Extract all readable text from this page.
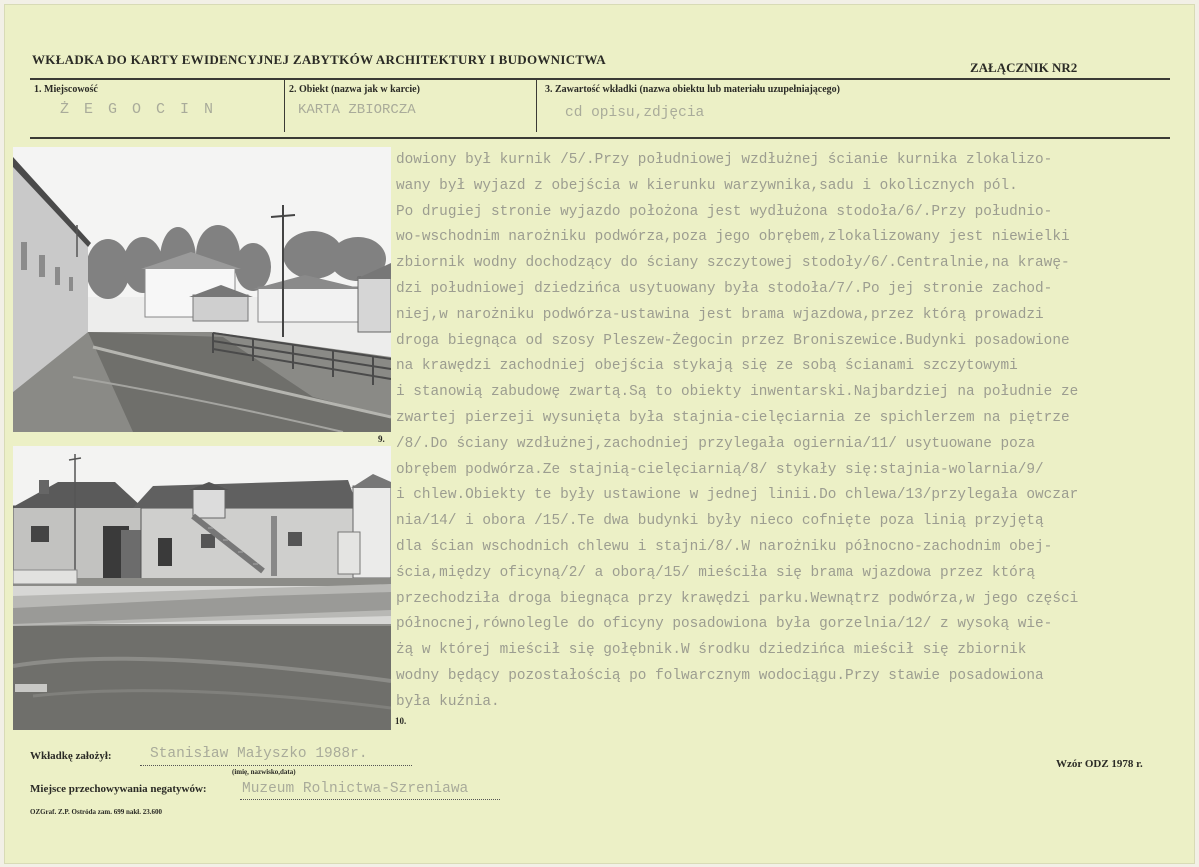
WKŁADKA DO KARTY EWIDENCYJNEJ ZABYTKÓW ARCHITEKTURY I BUDOWNICTWA
ZAŁĄCZNIK NR2
1. Miejscowość
Ż E G O C I N
2. Obiekt (nazwa jak w karcie)
KARTA ZBIORCZA
3. Zawartość wkładki (nazwa obiektu lub materiału uzupełniającego)
cd opisu,zdjęcia
9.
10.
dowiony był kurnik /5/.Przy południowej wzdłużnej ścianie kurnika zlokalizo-
wany był wyjazd z obejścia w kierunku warzywnika,sadu i okolicznych pól.
Po drugiej stronie wyjazdo położona jest wydłużona stodoła/6/.Przy południo-
wo-wschodnim narożniku podwórza,poza jego obrębem,zlokalizowany jest niewielki
zbiornik wodny dochodzący do ściany szczytowej stodoły/6/.Centralnie,na krawę-
dzi południowej dziedzińca usytuowany była stodoła/7/.Po jej stronie zachod-
niej,w narożniku podwórza-ustawina jest brama wjazdowa,przez którą prowadzi
droga biegnąca od szosy Pleszew-Żegocin przez Broniszewice.Budynki posadowione
na krawędzi zachodniej obejścia stykają się ze sobą ścianami szczytowymi
i stanowią zabudowę zwartą.Są to obiekty inwentarski.Najbardziej na południe ze
zwartej pierzeji wysunięta była stajnia-cielęciarnia ze spichlerzem na piętrze
/8/.Do ściany wzdłużnej,zachodniej przylegała ogiernia/11/ usytuowane poza
obrębem podwórza.Ze stajnią-cielęciarnią/8/ stykały się:stajnia-wolarnia/9/
i chlew.Obiekty te były ustawione w jednej linii.Do chlewa/13/przylegała owczar
nia/14/ i obora /15/.Te dwa budynki były nieco cofnięte poza linią przyjętą
dla ścian wschodnich chlewu i stajni/8/.W narożniku północno-zachodnim obej-
ścia,między oficyną/2/ a oborą/15/ mieściła się brama wjazdowa przez którą
przechodziła droga biegnąca przy krawędzi parku.Wewnątrz podwórza,w jego części
północnej,równolegle do oficyny posadowiona była gorzelnia/12/ z wysoką wie-
żą w której mieścił się gołębnik.W środku dziedzińca mieścił się zbiornik
wodny będący pozostałością po folwarcznym wodociągu.Przy stawie posadowiona
była kuźnia.
Wkładkę założył:	Stanisław Małyszko 1988r.
(imię, nazwisko,data)
Wzór ODZ 1978 r.
Miejsce przechowywania negatywów: Muzeum Rolnictwa-Szreniawa
OZGraf. Z.P. Ostróda zam. 699 nakł. 23.600
